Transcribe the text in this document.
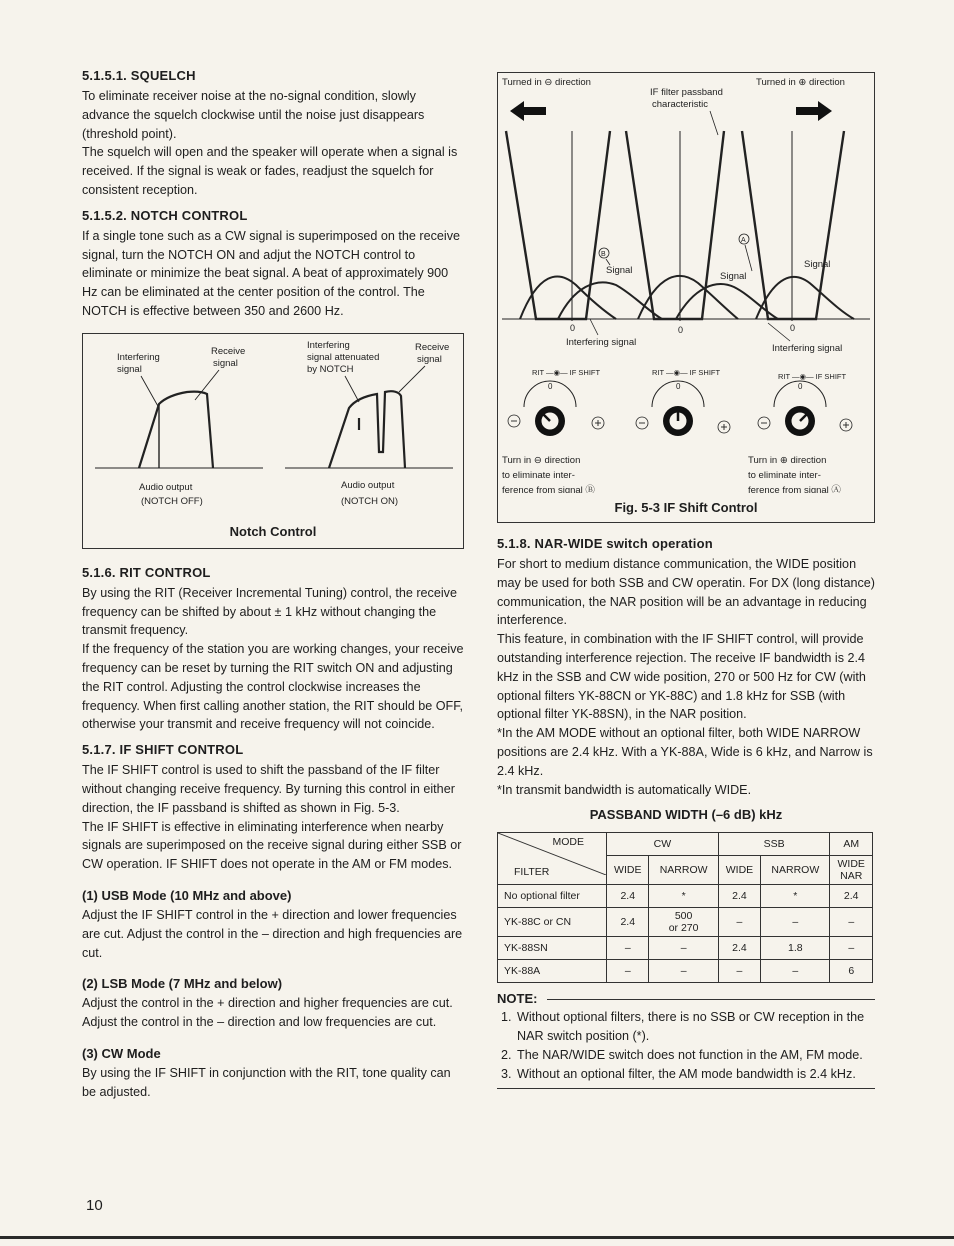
5.1.5.1. SQUELCH

To eliminate receiver noise at the no-signal condition, slowly advance the squelch clockwise until the noise just disappears (threshold point).

The squelch will open and the speaker will operate when a signal is received. If the signal is weak or fades, readjust the squelch for consistent reception.

5.1.5.2. NOTCH CONTROL

If a single tone such as a CW signal is superimposed on the receive signal, turn the NOTCH ON and adjut the NOTCH control to eliminate or minimize the beat signal. A beat of approximately 900 Hz can be eliminated at the center position of the control. The NOTCH is effective between 350 and 2600 Hz.

Interfering
signal
Receive
signal
Interfering
signal attenuated
by NOTCH
Receive
signal
Audio output
(NOTCH OFF)
Audio output
(NOTCH ON)
Notch Control
5.1.6. RIT CONTROL

By using the RIT (Receiver Incremental Tuning) control, the receive frequency can be shifted by about ± 1 kHz without changing the transmit frequency.

If the frequency of the station you are working changes, your receive frequency can be reset by turning the RIT switch ON and adjusting the RIT control. Adjusting the control clockwise increases the frequency. When first calling another station, the RIT should be OFF, otherwise your transmit and receive frequency will not coincide.

5.1.7. IF SHIFT CONTROL

The IF SHIFT control is used to shift the passband of the IF filter without changing receive frequency. By turning this control in either direction, the IF passband is shifted as shown in Fig. 5-3.

The IF SHIFT is effective in eliminating interference when nearby signals are superimposed on the receive signal during either SSB or CW operation. IF SHIFT does not operate in the AM or FM modes.

(1) USB Mode (10 MHz and above)

Adjust the IF SHIFT control in the + direction and lower frequencies are cut. Adjust the control in the – direction and high frequencies are cut.

(2) LSB Mode (7 MHz and below)

Adjust the control in the + direction and higher frequencies are cut. Adjust the control in the – direction and low frequencies are cut.

(3) CW Mode

By using the IF SHIFT in conjunction with the RIT, tone quality can be adjusted.

Turned in ⊖ direction	Turned in ⊕ direction
IF filter passband
characteristic
B
A
Signal
Signal
Signal
0	0	0
Interfering signal
Interfering signal
RIT —◉— IF SHIFT	RIT —◉— IF SHIFT	RIT —◉— IF SHIFT
0	0	0
Turn in ⊖ direction
to eliminate inter-
ference from signal Ⓑ
Turn in ⊕ direction
to eliminate inter-
ference from signal Ⓐ
Fig. 5-3 IF Shift Control
5.1.8. NAR-WIDE switch operation

For short to medium distance communication, the WIDE position may be used for both SSB and CW operatin. For DX (long distance) communication, the NAR position will be an advantage in reducing interference.

This feature, in combination with the IF SHIFT control, will provide outstanding interference rejection. The receive IF bandwidth is 2.4 kHz in the SSB and CW wide position, 270 or 500 Hz for CW (with optional filters YK-88CN or YK-88C) and 1.8 kHz for SSB (with optional filter YK-88SN), in the NAR position.

*In the AM MODE without an optional filter, both WIDE NARROW positions are 2.4 kHz. With a YK-88A, Wide is 6 kHz, and Narrow is 2.4 kHz.

*In transmit bandwidth is automatically WIDE.

PASSBAND WIDTH (–6 dB) kHz
MODE
FILTER	CW		SSB		AM
	WIDE	NARROW	WIDE	NARROW	WIDE
NAR
No optional filter	2.4	*	2.4	*	2.4
YK-88C or CN	2.4	500
or 270	–	–	–
YK-88SN	–	–	2.4	1.8	–
YK-88A	–	–	–	–	6
NOTE:
1. Without optional filters, there is no SSB or CW reception in the NAR switch position (*).
2. The NAR/WIDE switch does not function in the AM, FM mode.
3. Without an optional filter, the AM mode bandwidth is 2.4 kHz.
10
